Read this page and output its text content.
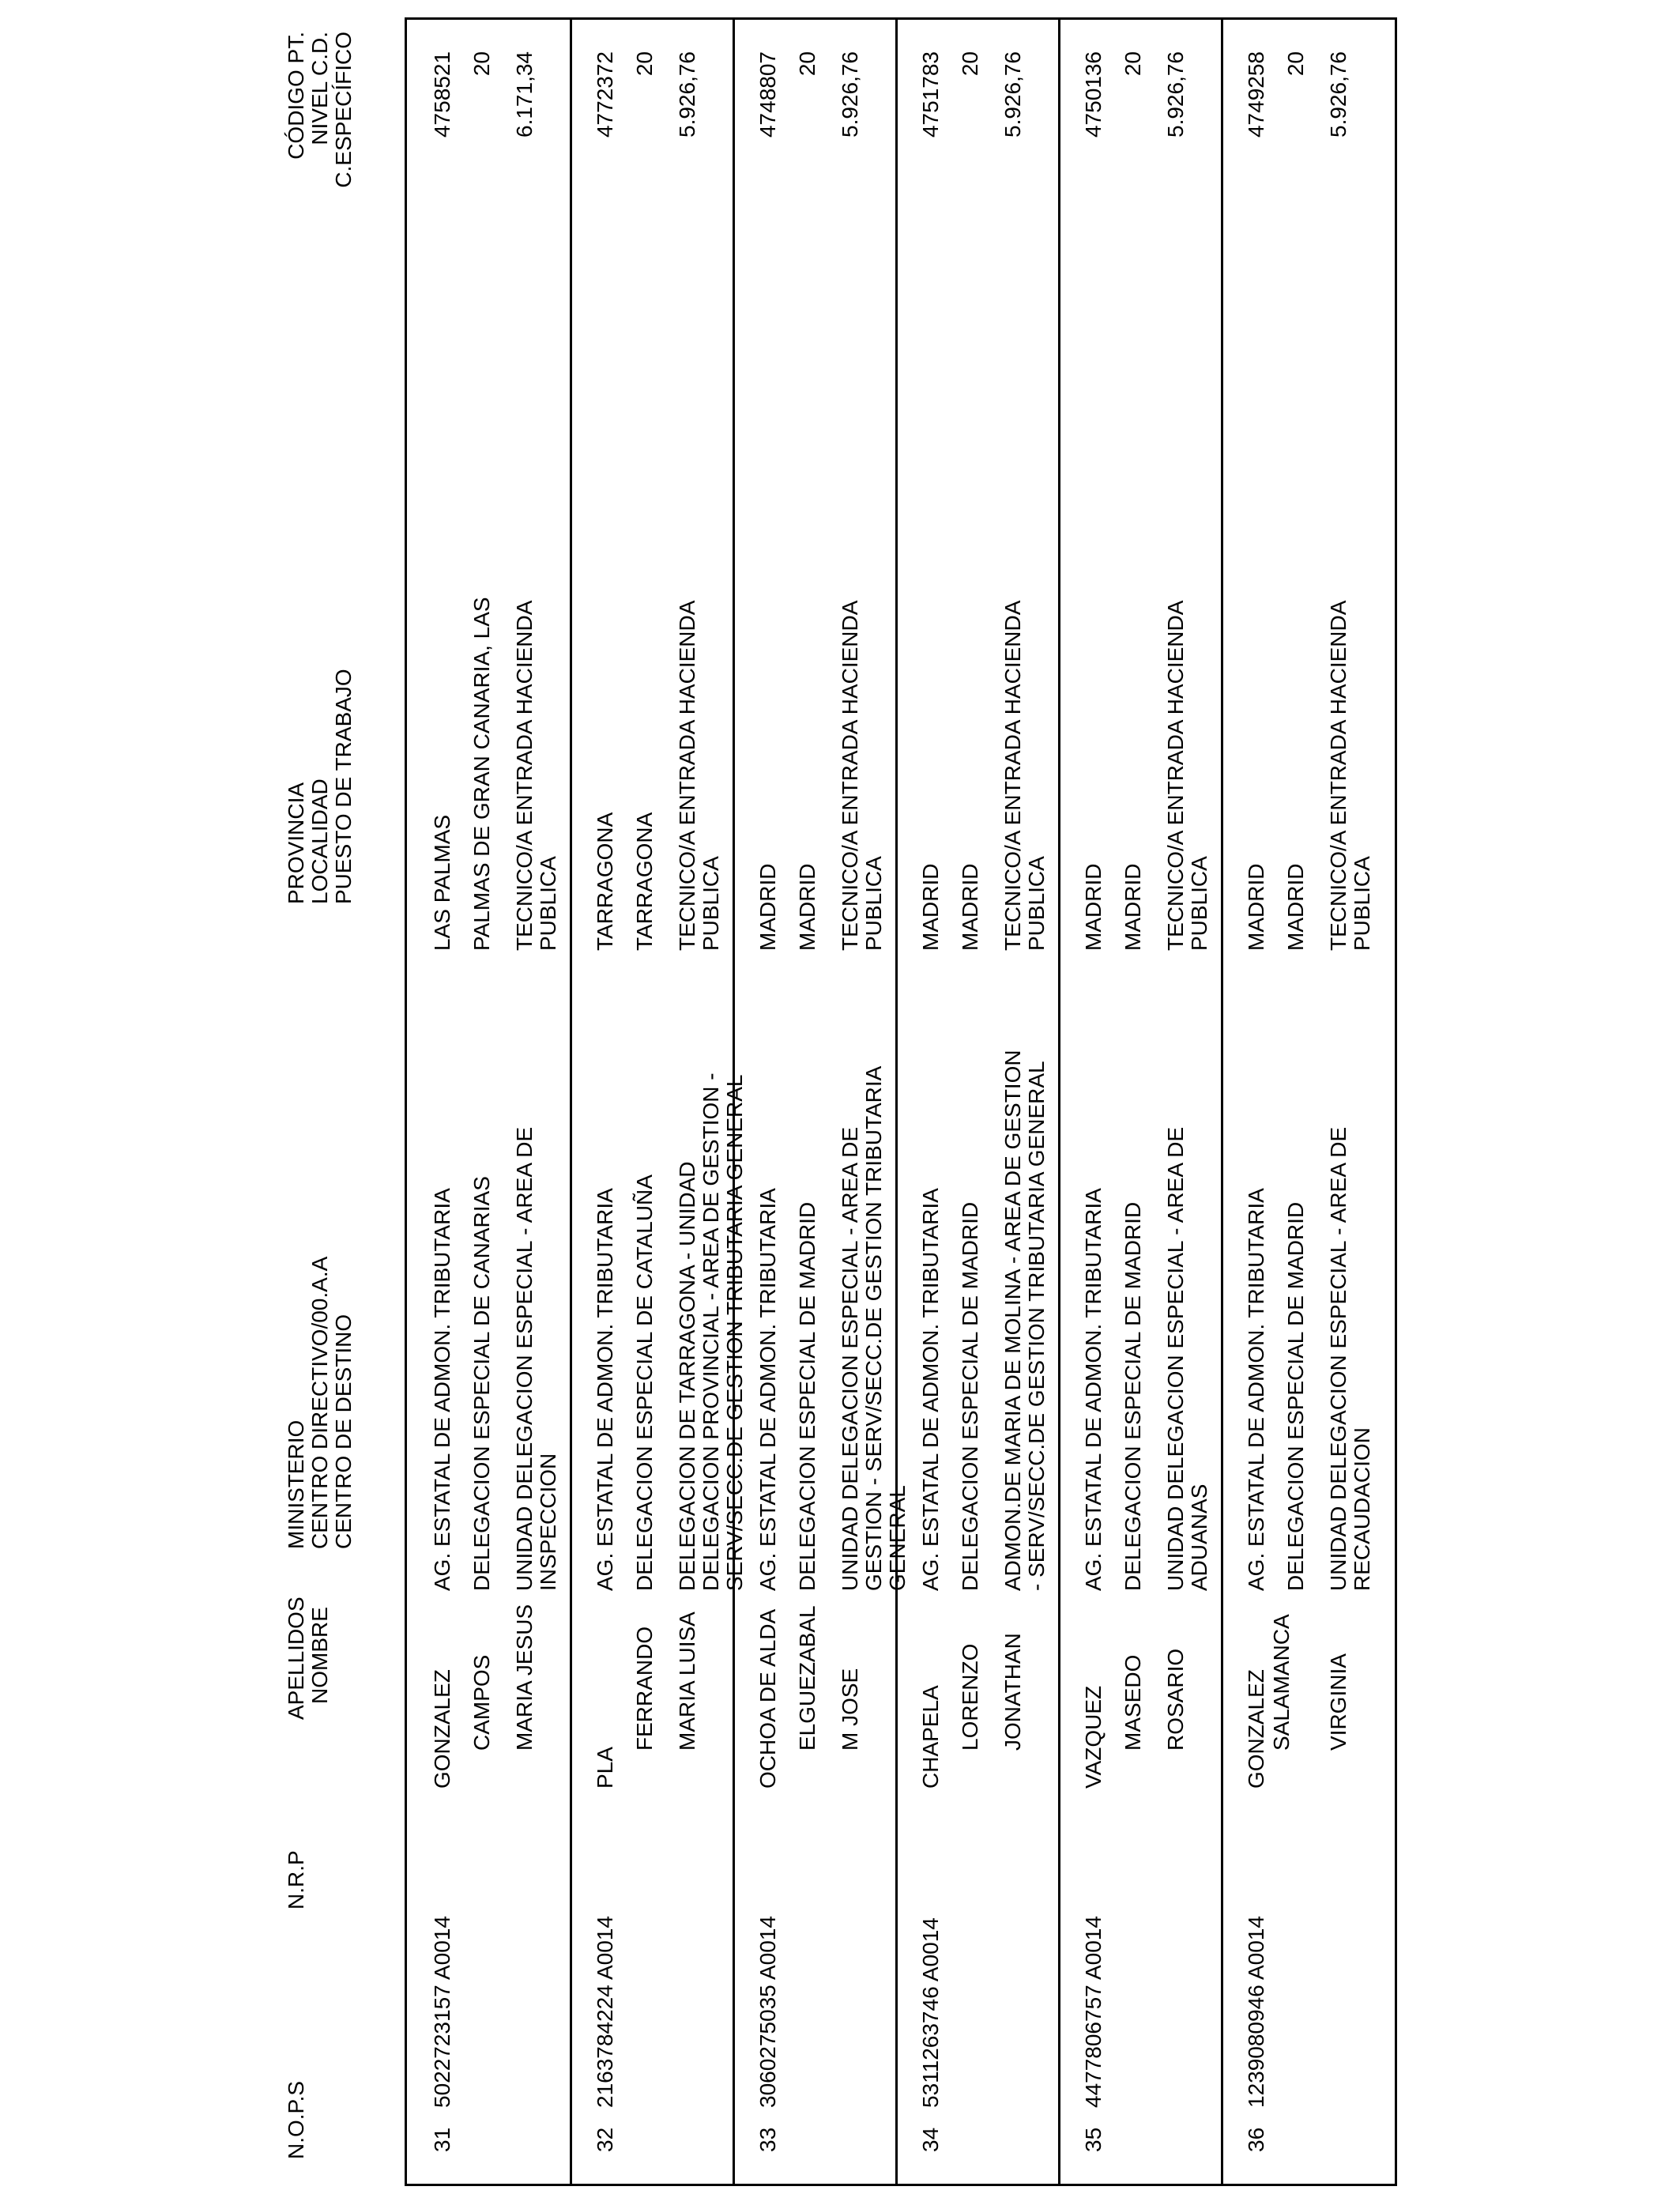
N.O.P.S
N.R.P
APELLIDOS NOMBRE
MINISTERIO CENTRO DIRECTIVO/00.A.A CENTRO DE DESTINO
PROVINCIA LOCALIDAD PUESTO DE TRABAJO
CÓDIGO PT. NIVEL C.D. C.ESPECÍFICO
31
5022723157 A0014
GONZALEZ CAMPOS MARIA JESUS
AG. ESTATAL DE ADMON. TRIBUTARIA DELEGACION ESPECIAL DE CANARIAS UNIDAD DELEGACION ESPECIAL - AREA DE INSPECCION
LAS PALMAS PALMAS DE GRAN CANARIA, LAS TECNICO/A ENTRADA HACIENDA PUBLICA
4758521 20 6.171,34
32
2163784224 A0014
PLA
FERRANDO MARIA LUISA
AG. ESTATAL DE ADMON. TRIBUTARIA DELEGACION ESPECIAL DE CATALUÑA DELEGACION DE TARRAGONA - UNIDAD DELEGACION PROVINCIAL - AREA DE GESTION - SERV/SECC.DE GESTION TRIBUTARIA GENERAL
TARRAGONA TARRAGONA TECNICO/A ENTRADA HACIENDA PUBLICA
4772372 20 5.926,76
33
3060275035 A0014
OCHOA DE ALDA ELGUEZABAL M JOSE
AG. ESTATAL DE ADMON. TRIBUTARIA DELEGACION ESPECIAL DE MADRID UNIDAD DELEGACION ESPECIAL - AREA DE GESTION - SERV/SECC.DE GESTION TRIBUTARIA GENERAL
MADRID MADRID TECNICO/A ENTRADA HACIENDA PUBLICA
4748807 20 5.926,76
34
5311263746 A0014
CHAPELA LORENZO JONATHAN
AG. ESTATAL DE ADMON. TRIBUTARIA DELEGACION ESPECIAL DE MADRID ADMON.DE MARIA DE MOLINA - AREA DE GESTION - SERV/SECC.DE GESTION TRIBUTARIA GENERAL
MADRID MADRID TECNICO/A ENTRADA HACIENDA PUBLICA
4751783 20 5.926,76
35
4477806757 A0014
VAZQUEZ MASEDO ROSARIO
AG. ESTATAL DE ADMON. TRIBUTARIA DELEGACION ESPECIAL DE MADRID UNIDAD DELEGACION ESPECIAL - AREA DE ADUANAS
MADRID MADRID TECNICO/A ENTRADA HACIENDA PUBLICA
4750136 20 5.926,76
36
1239080946 A0014
GONZALEZ SALAMANCA VIRGINIA
AG. ESTATAL DE ADMON. TRIBUTARIA DELEGACION ESPECIAL DE MADRID UNIDAD DELEGACION ESPECIAL - AREA DE RECAUDACION
MADRID MADRID TECNICO/A ENTRADA HACIENDA PUBLICA
4749258 20 5.926,76
